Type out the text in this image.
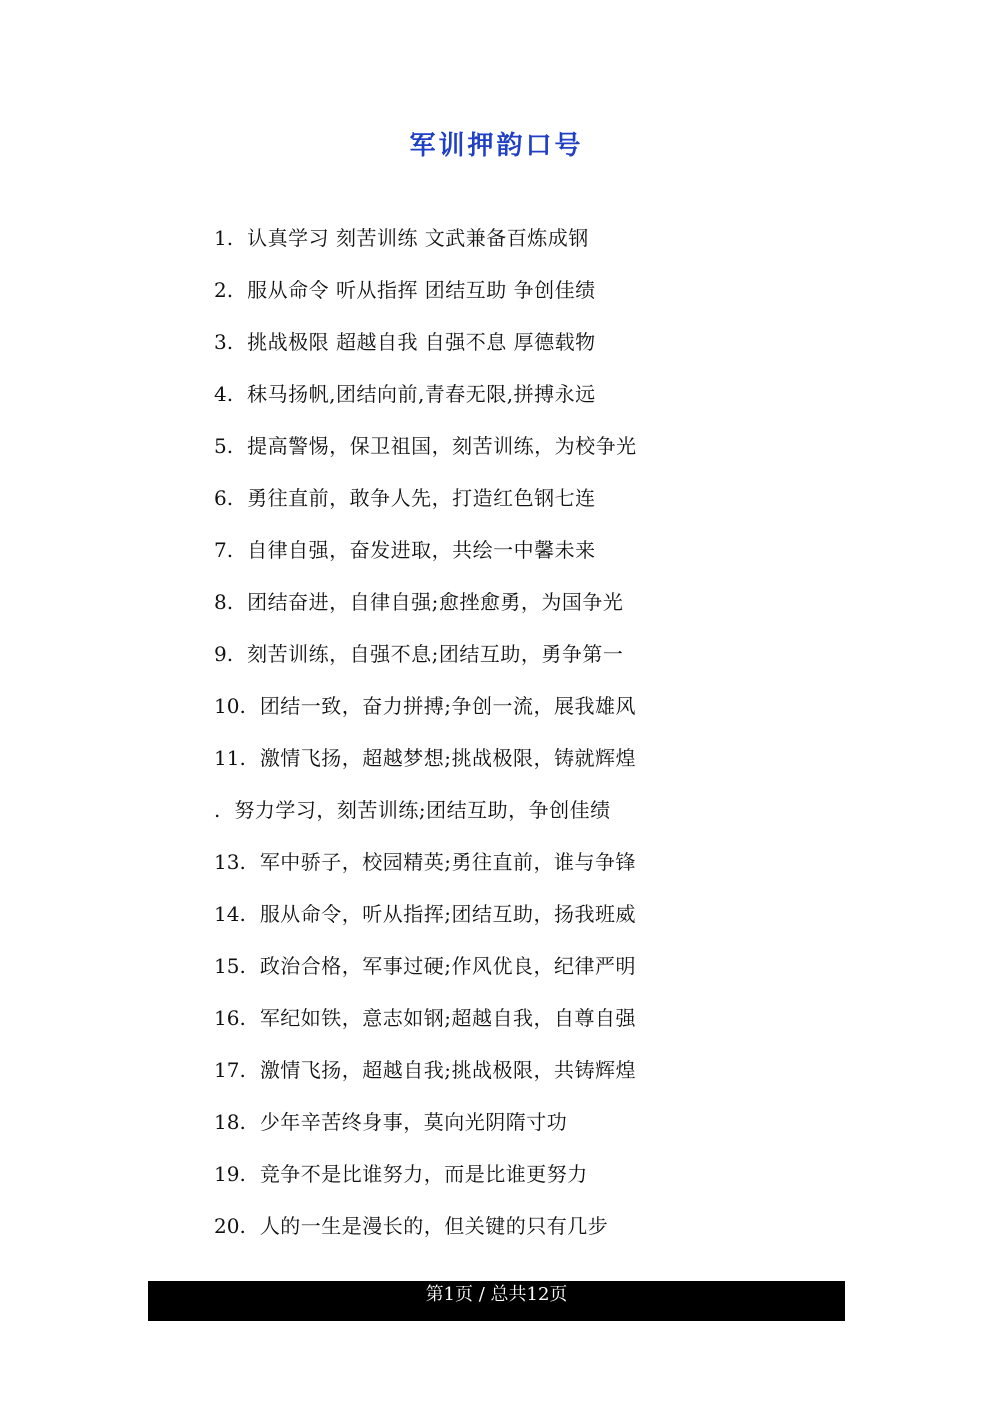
军训押韵口号
1. 认真学习 刻苦训练 文武兼备百炼成钢
2. 服从命令 听从指挥 团结互助 争创佳绩
3. 挑战极限 超越自我 自强不息 厚德载物
4. 秣马扬帆,团结向前,青春无限,拼搏永远
5. 提高警惕，保卫祖国，刻苦训练，为校争光
6. 勇往直前，敢争人先，打造红色钢七连
7. 自律自强，奋发进取，共绘一中馨未来
8. 团结奋进，自律自强;愈挫愈勇，为国争光
9. 刻苦训练，自强不息;团结互助，勇争第一
10. 团结一致，奋力拼搏;争创一流，展我雄风
11. 激情飞扬，超越梦想;挑战极限，铸就辉煌
. 努力学习，刻苦训练;团结互助，争创佳绩
13. 军中骄子，校园精英;勇往直前，谁与争锋
14. 服从命令，听从指挥;团结互助，扬我班威
15. 政治合格，军事过硬;作风优良，纪律严明
16. 军纪如铁，意志如钢;超越自我，自尊自强
17. 激情飞扬，超越自我;挑战极限，共铸辉煌
18. 少年辛苦终身事，莫向光阴隋寸功
19. 竞争不是比谁努力，而是比谁更努力
20. 人的一生是漫长的，但关键的只有几步
第1页 / 总共12页
